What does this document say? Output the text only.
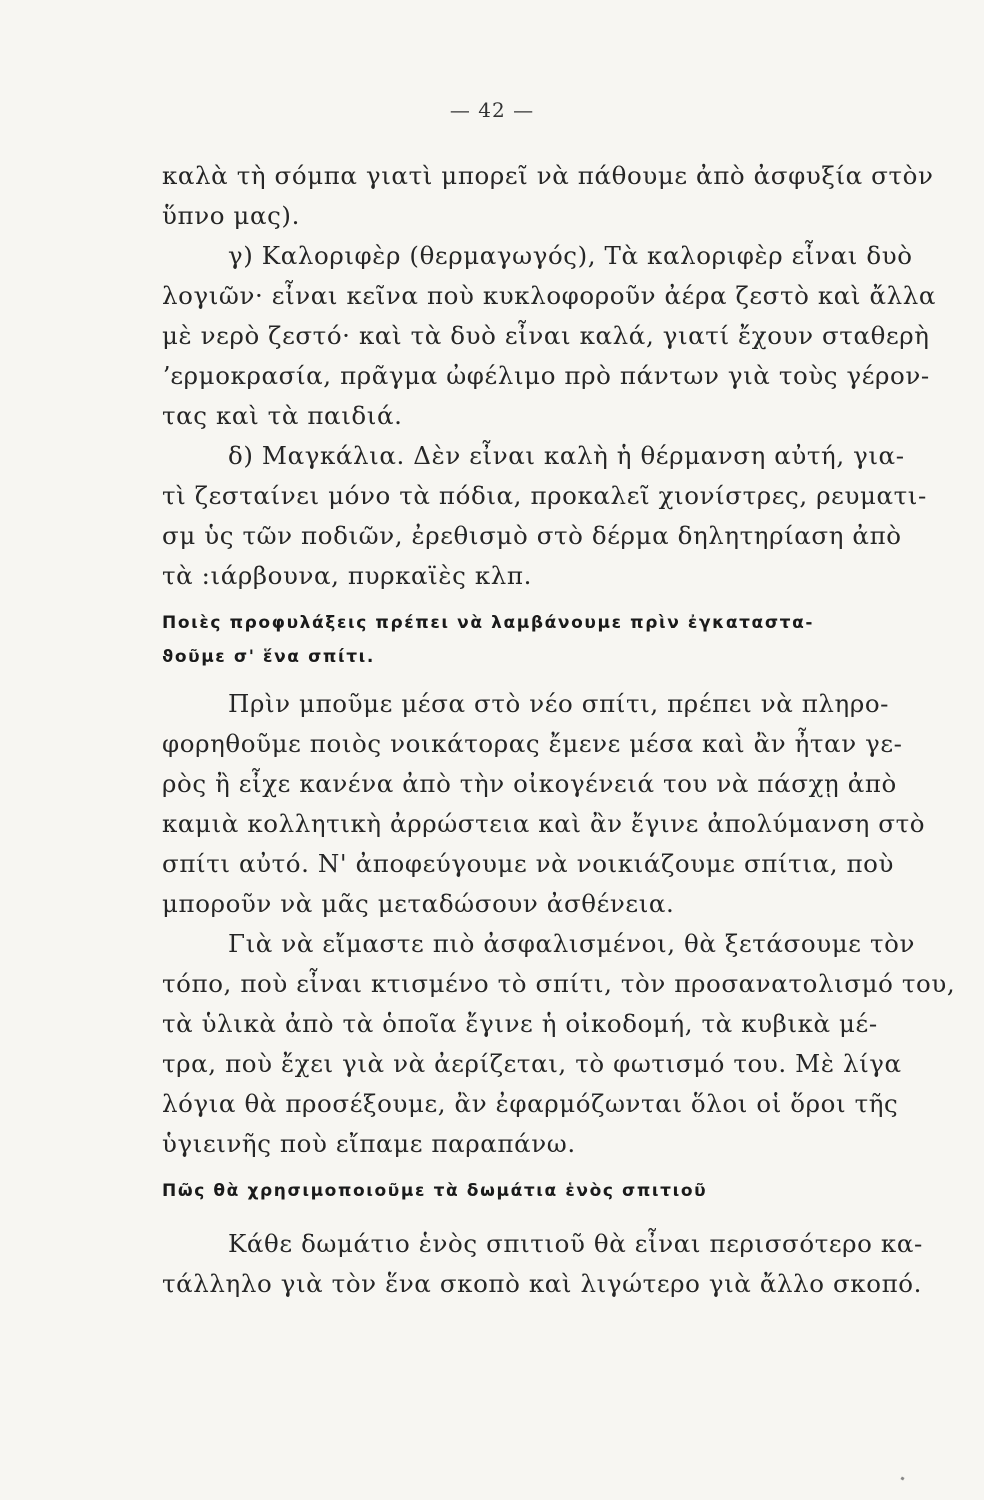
— 42 —
καλὰ τὴ σόμπα γιατὶ μπορεῖ νὰ πάθουμε ἀπὸ ἀσφυξία στὸν
ὕπνο μας).
γ) Καλοριφὲρ (θερμαγωγός), Τὰ καλοριφὲρ εἶναι δυὸ
λογιῶν· εἶναι κεῖνα ποὺ κυκλοφοροῦν ἀέρα ζεστὸ καὶ ἄλλα
μὲ νερὸ ζεστό· καὶ τὰ δυὸ εἶναι καλά, γιατί ἔχουν σταθερὴ
ʼερμοκρασία, πρᾶγμα ὠφέλιμο πρὸ πάντων γιὰ τοὺς γέρον-
τας καὶ τὰ παιδιά.
δ) Μαγκάλια. Δὲν εἶναι καλὴ ἡ θέρμανση αὐτή, για-
τὶ ζεσταίνει μόνο τὰ πόδια, προκαλεῖ χιονίστρες, ρευματι-
σμ ὑς τῶν ποδιῶν, ἐρεθισμὸ στὸ δέρμα δηλητηρίαση ἀπὸ
τὰ :ιάρβουνα, πυρκαϊὲς κλπ.
Ποιὲς προφυλάξεις πρέπει νὰ λαμβάνουμε πρὶν ἐγκαταστα-
ϑοῦμε σ' ἕνα σπίτι.
Πρὶν μποῦμε μέσα στὸ νέο σπίτι, πρέπει νὰ πληρο-
φορηθοῦμε ποιὸς νοικάτορας ἔμενε μέσα καὶ ἂν ἦταν γε-
ρὸς ἢ εἶχε κανένα ἀπὸ τὴν οἰκογένειά του νὰ πάσχῃ ἀπὸ
καμιὰ κολλητικὴ ἀρρώστεια καὶ ἂν ἔγινε ἀπολύμανση στὸ
σπίτι αὐτό. Ν' ἀποφεύγουμε νὰ νοικιάζουμε σπίτια, ποὺ
μποροῦν νὰ μᾶς μεταδώσουν ἀσθένεια.
Γιὰ νὰ εἴμαστε πιὸ ἀσφαλισμένοι, θὰ ξετάσουμε τὸν
τόπο, ποὺ εἶναι κτισμένο τὸ σπίτι, τὸν προσανατολισμό του,
τὰ ὑλικὰ ἀπὸ τὰ ὁποῖα ἔγινε ἡ οἰκοδομή, τὰ κυβικὰ μέ-
τρα, ποὺ ἔχει γιὰ νὰ ἀερίζεται, τὸ φωτισμό του. Μὲ λίγα
λόγια θὰ προσέξουμε, ἂν ἐφαρμόζωνται ὅλοι οἱ ὅροι τῆς
ὑγιεινῆς ποὺ εἴπαμε παραπάνω.
Πῶς θὰ χρησιμοποιοῦμε τὰ δωμάτια ἑνὸς σπιτιοῦ
Κάθε δωμάτιο ἑνὸς σπιτιοῦ θὰ εἶναι περισσότερο κα-
τάλληλο γιὰ τὸν ἕνα σκοπὸ καὶ λιγώτερο γιὰ ἄλλο σκοπό.
